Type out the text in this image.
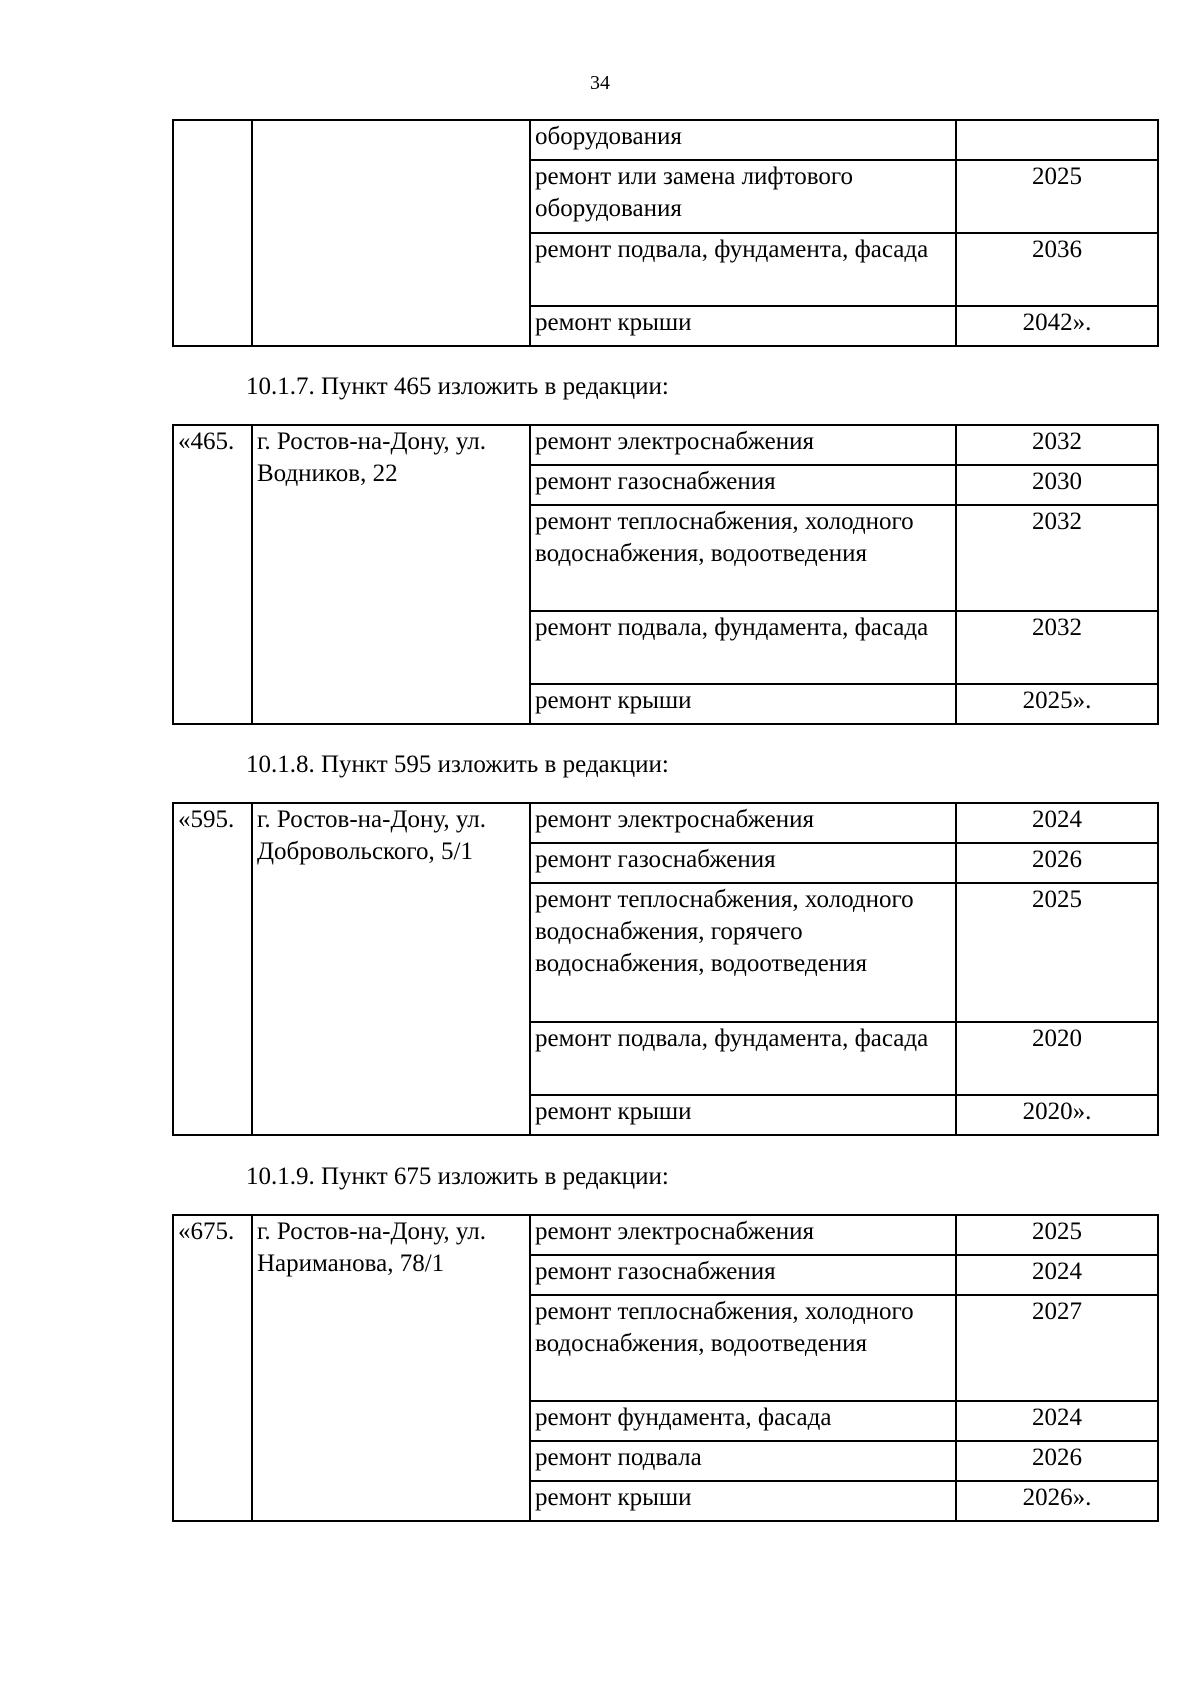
34
		оборудования	
		ремонт или замена лифтового оборудования	2025
		ремонт подвала, фундамента, фасада	2036
		ремонт крыши	2042».
10.1.7. Пункт 465 изложить в редакции:
«465.	г. Ростов-на-Дону, ул. Водников, 22	ремонт электроснабжения	2032
		ремонт газоснабжения	2030
		ремонт теплоснабжения, холодного водоснабжения, водоотведения	2032
		ремонт подвала, фундамента, фасада	2032
		ремонт крыши	2025».
10.1.8. Пункт 595 изложить в редакции:
«595.	г. Ростов-на-Дону, ул. Добровольского, 5/1	ремонт электроснабжения	2024
		ремонт газоснабжения	2026
		ремонт теплоснабжения, холодного водоснабжения, горячего водоснабжения, водоотведения	2025
		ремонт подвала, фундамента, фасада	2020
		ремонт крыши	2020».
10.1.9. Пункт 675 изложить в редакции:
«675.	г. Ростов-на-Дону, ул. Нариманова, 78/1	ремонт электроснабжения	2025
		ремонт газоснабжения	2024
		ремонт теплоснабжения, холодного водоснабжения, водоотведения	2027
		ремонт фундамента, фасада	2024
		ремонт подвала	2026
		ремонт крыши	2026».
